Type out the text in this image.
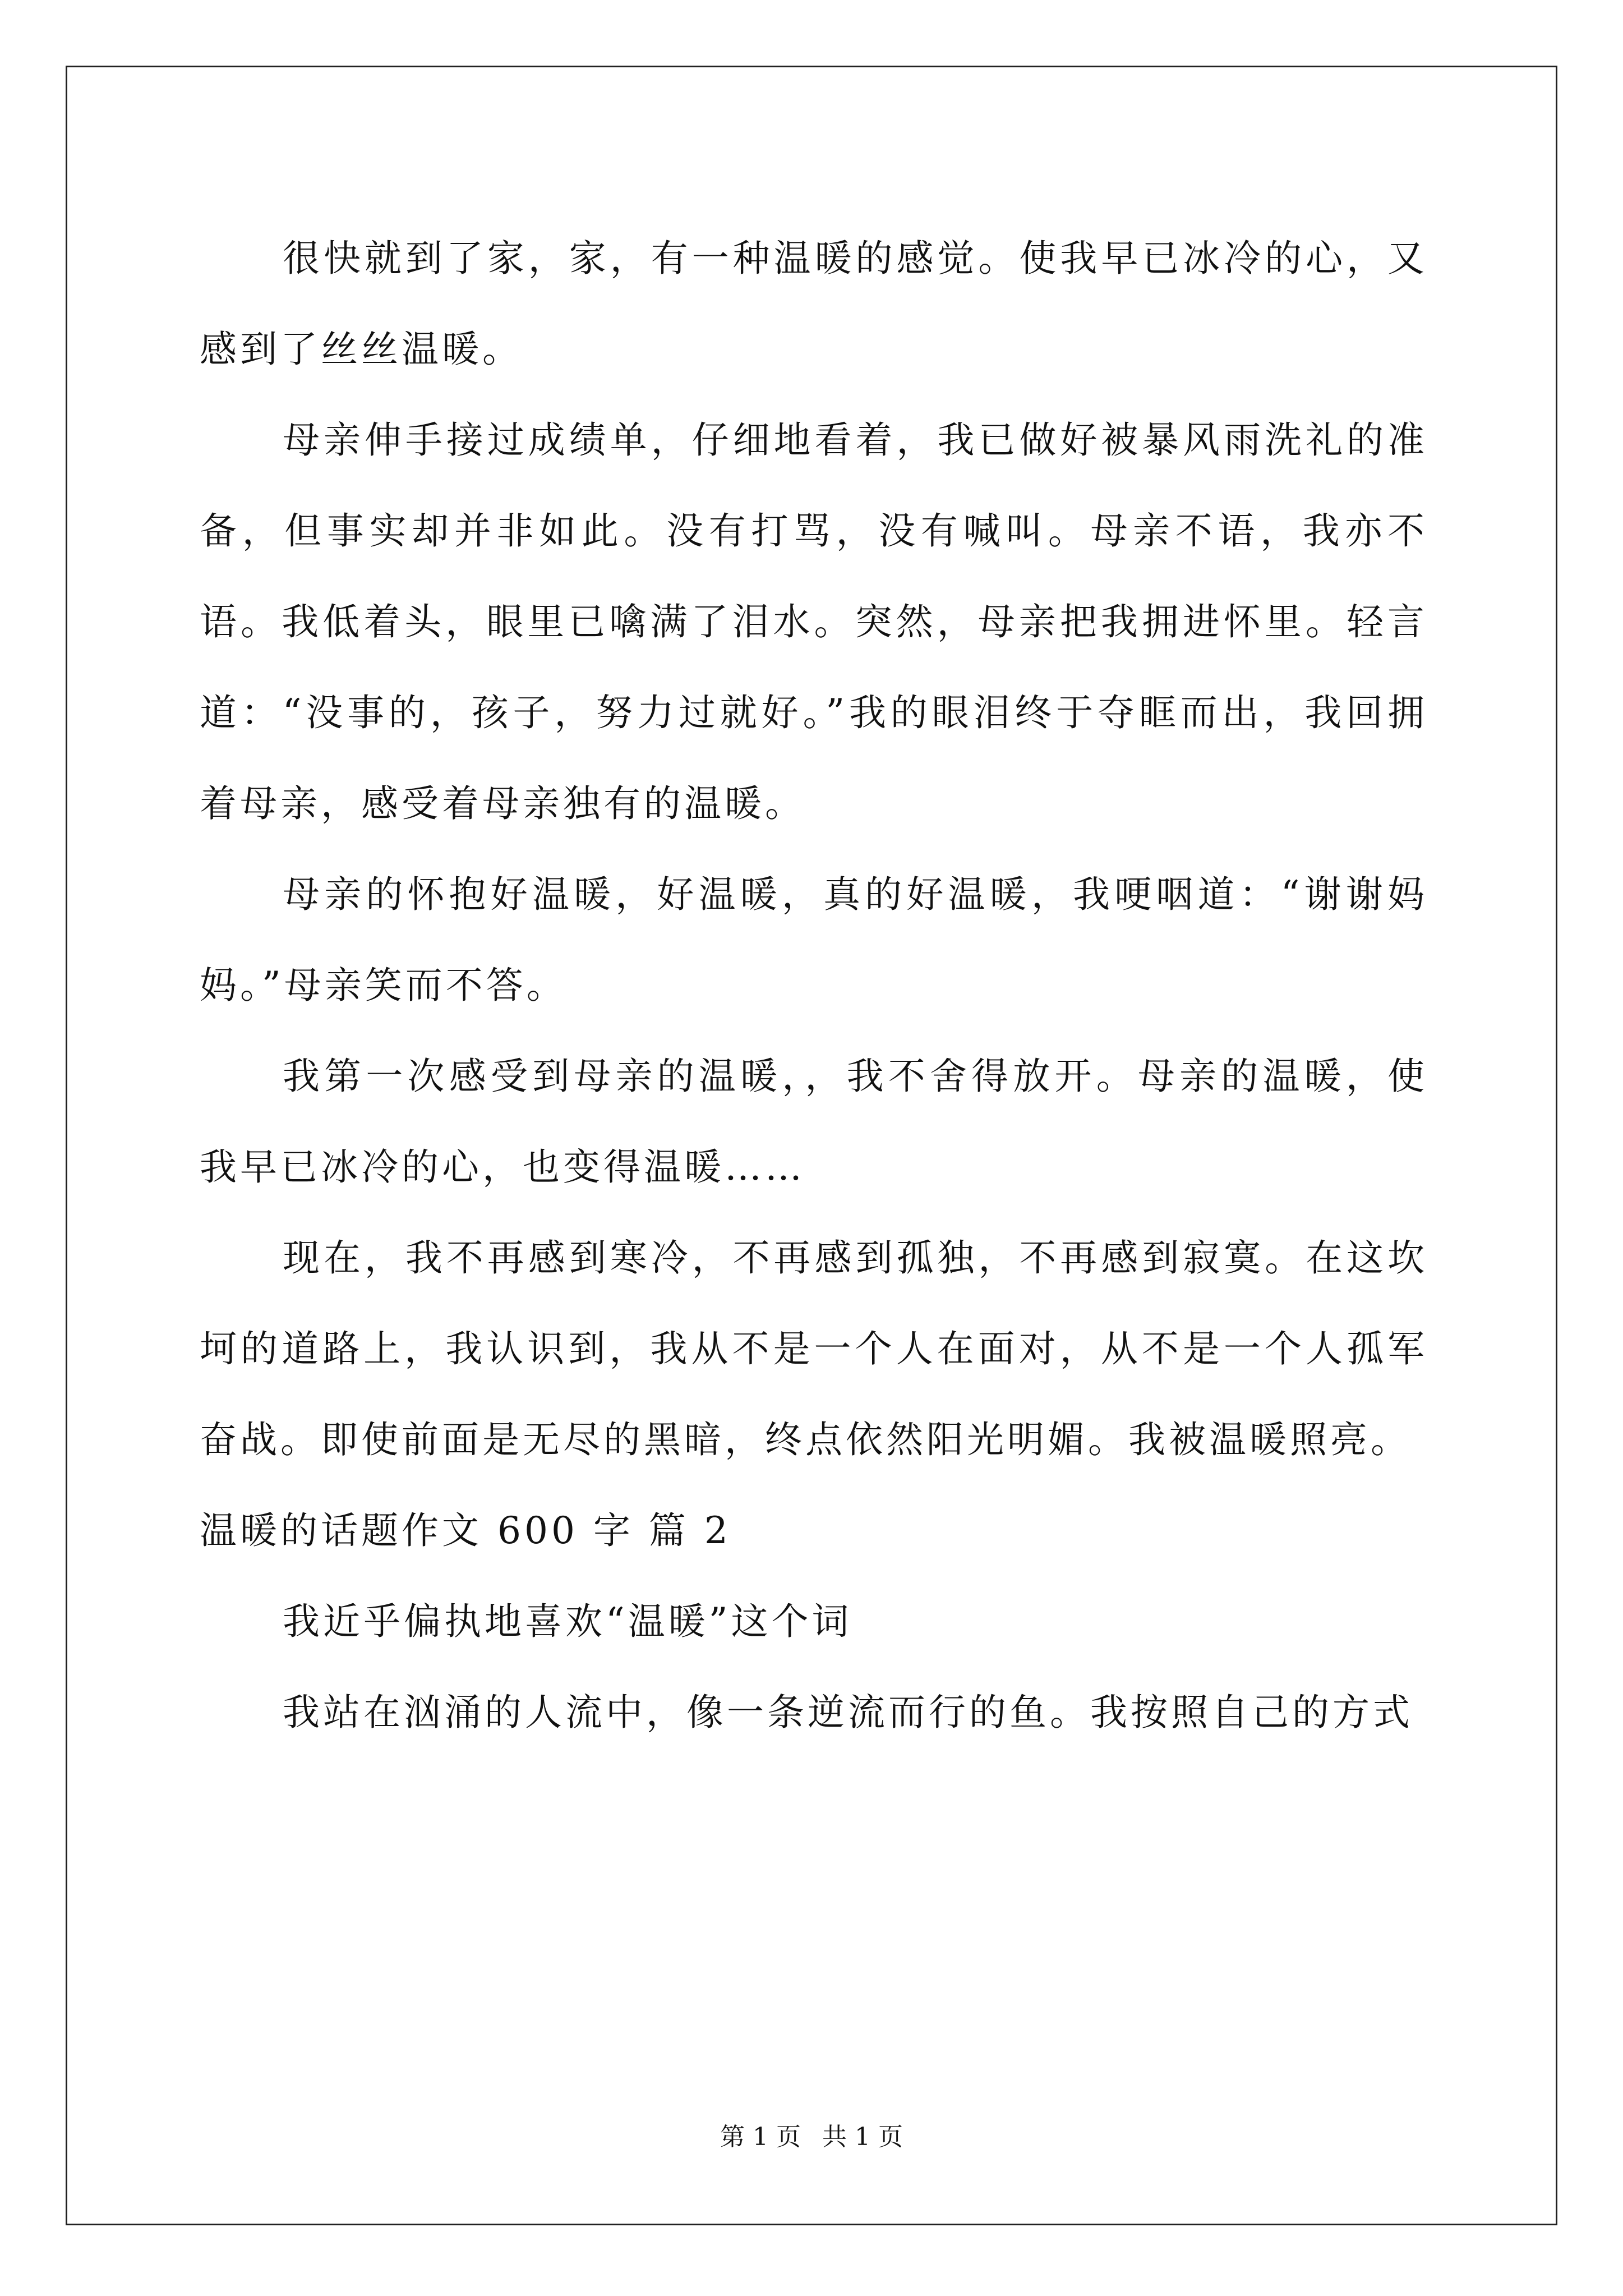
很快就到了家，家，有一种温暖的感觉。使我早已冰冷的心，又感到了丝丝温暖。

母亲伸手接过成绩单，仔细地看着，我已做好被暴风雨洗礼的准备，但事实却并非如此。没有打骂，没有喊叫。母亲不语，我亦不语。我低着头，眼里已噙满了泪水。突然，母亲把我拥进怀里。轻言道：“没事的，孩子，努力过就好。”我的眼泪终于夺眶而出，我回拥着母亲，感受着母亲独有的温暖。

母亲的怀抱好温暖，好温暖，真的好温暖，我哽咽道：“谢谢妈妈。”母亲笑而不答。

我第一次感受到母亲的温暖，，我不舍得放开。母亲的温暖，使我早已冰冷的心，也变得温暖……

现在，我不再感到寒冷，不再感到孤独，不再感到寂寞。在这坎坷的道路上，我认识到，我从不是一个人在面对，从不是一个人孤军奋战。即使前面是无尽的黑暗，终点依然阳光明媚。我被温暖照亮。

温暖的话题作文 600 字 篇 2

我近乎偏执地喜欢“温暖”这个词

我站在汹涌的人流中，像一条逆流而行的鱼。我按照自己的方式

第 1 页 共 1 页
